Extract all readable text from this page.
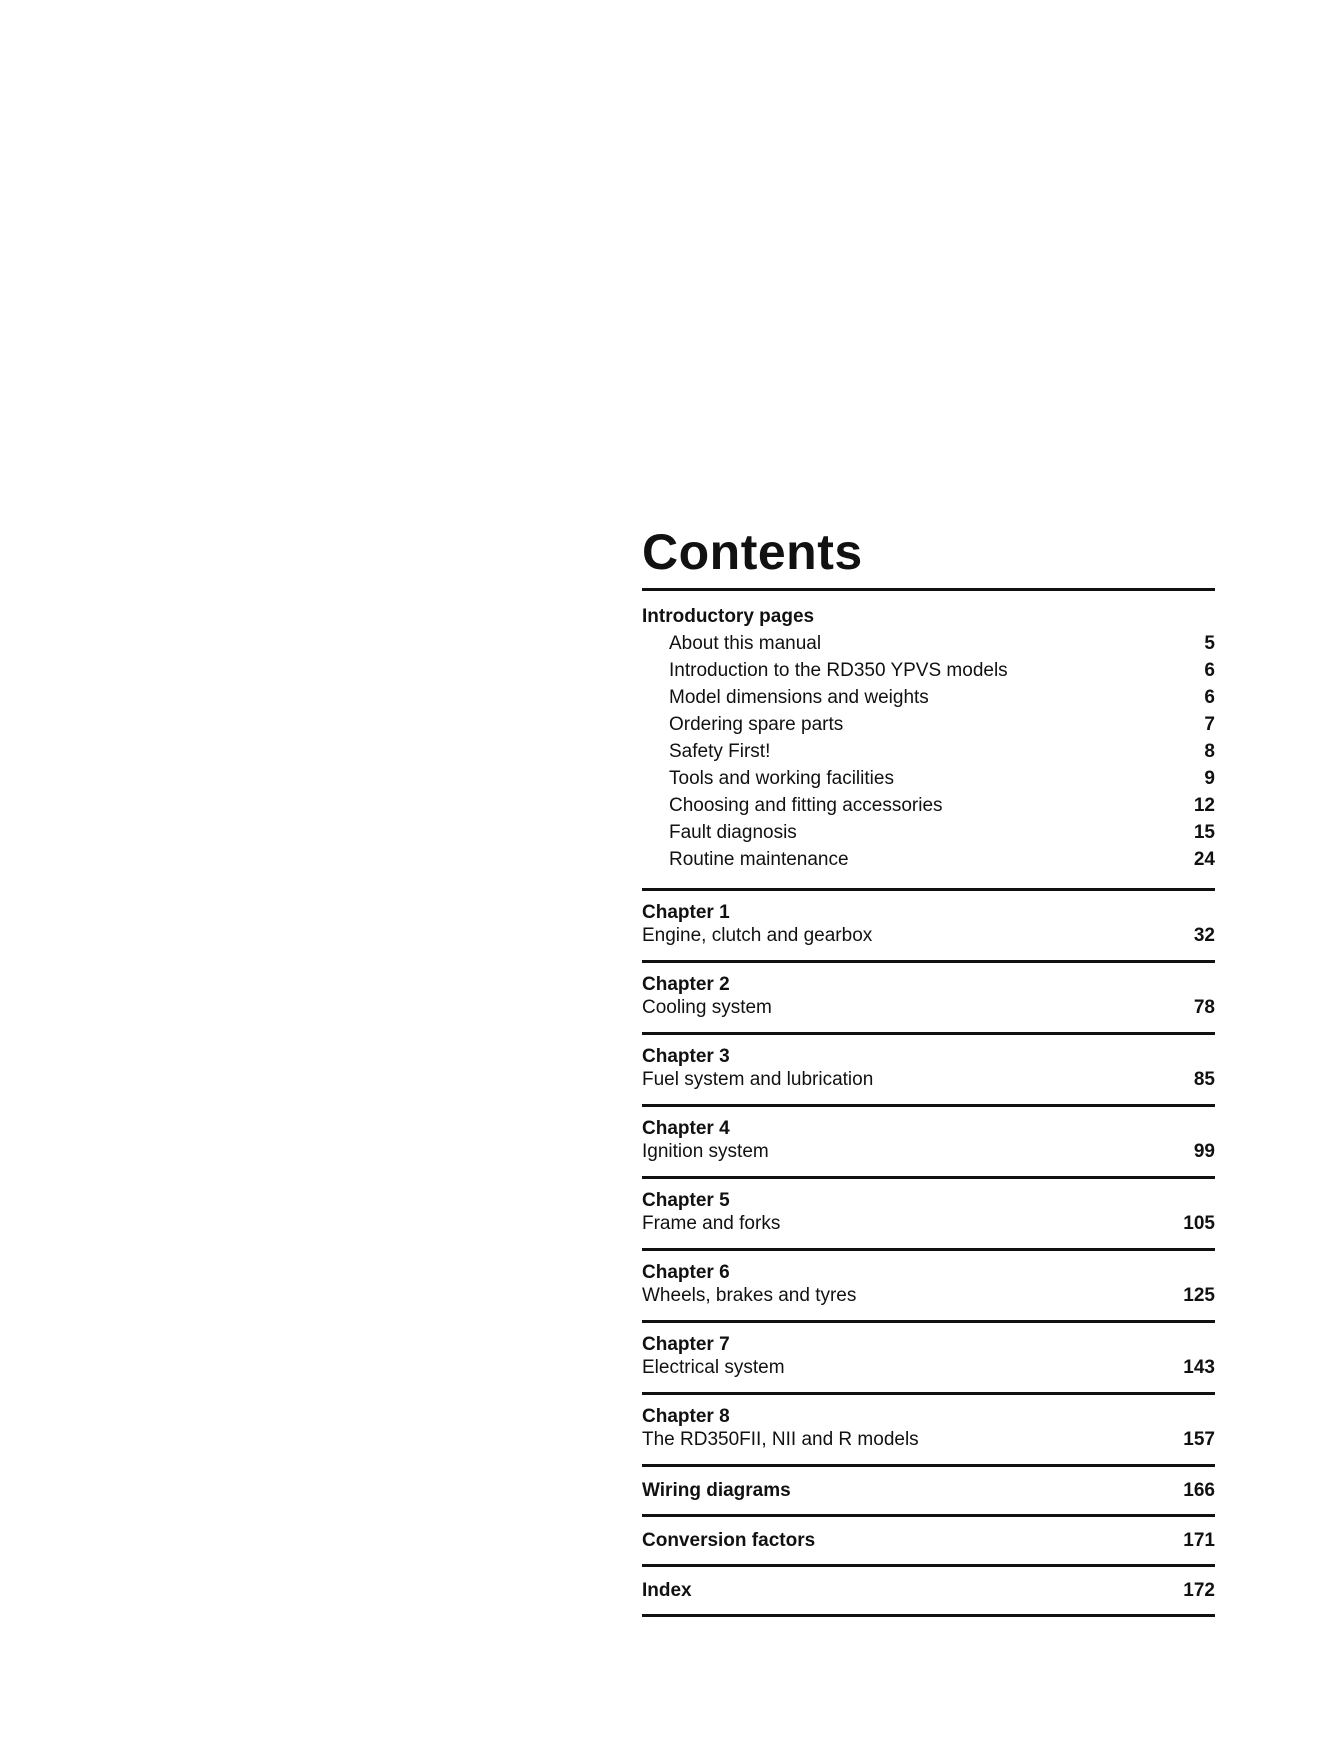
Contents
Introductory pages
About this manual	5
Introduction to the RD350 YPVS models	6
Model dimensions and weights	6
Ordering spare parts	7
Safety First!	8
Tools and working facilities	9
Choosing and fitting accessories	12
Fault diagnosis	15
Routine maintenance	24
Chapter 1
Engine, clutch and gearbox	32
Chapter 2
Cooling system	78
Chapter 3
Fuel system and lubrication	85
Chapter 4
Ignition system	99
Chapter 5
Frame and forks	105
Chapter 6
Wheels, brakes and tyres	125
Chapter 7
Electrical system	143
Chapter 8
The RD350FII, NII and R models	157
Wiring diagrams	166
Conversion factors	171
Index	172
